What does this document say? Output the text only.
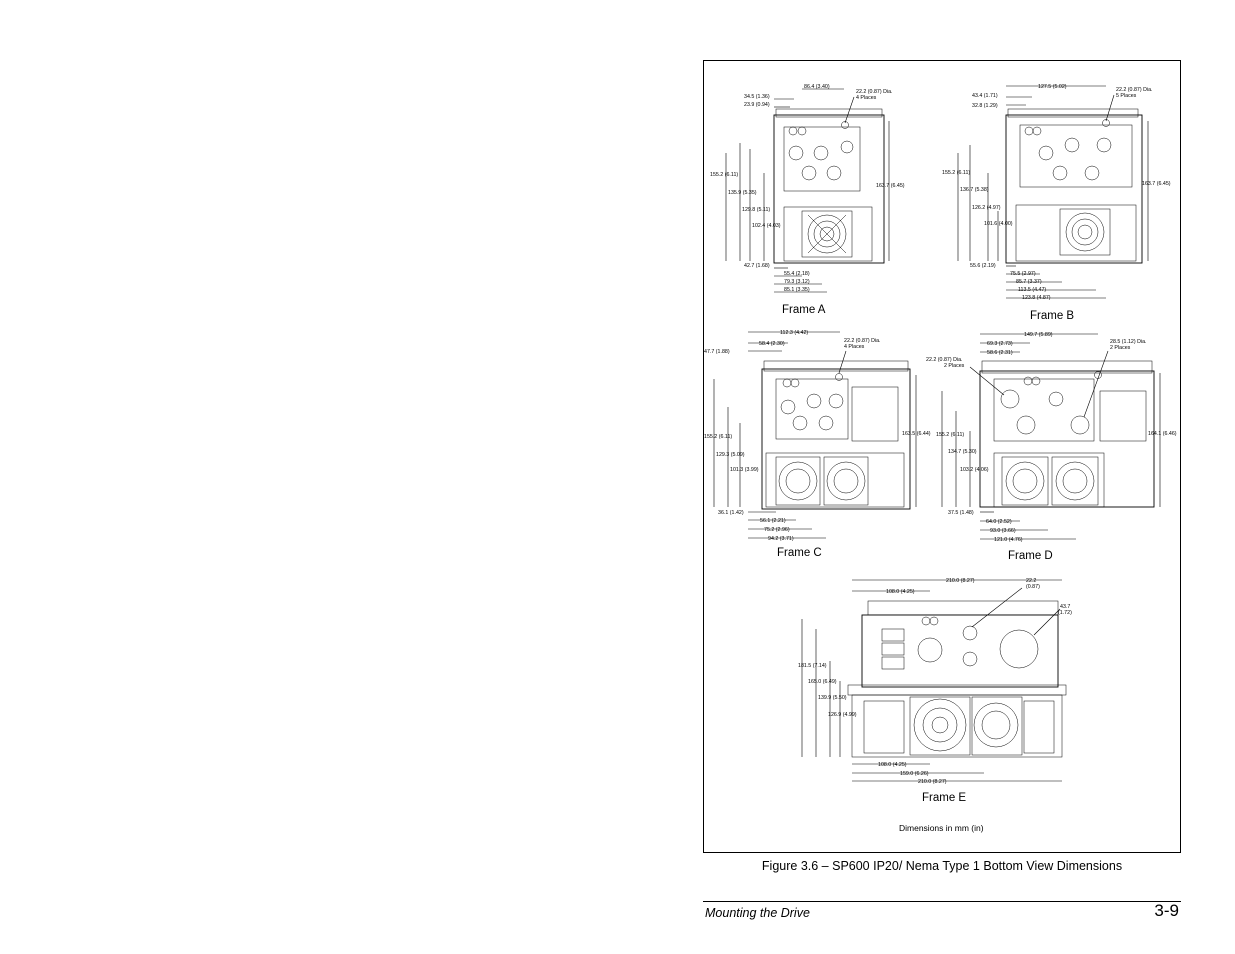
86.4 (3.40)
34.5 (1.36)
23.9 (0.94)
22.2 (0.87) Dia.
4 Places
155.2 (6.11)
135.9 (5.35)
129.8 (5.11)
102.4 (4.03)
163.7 (6.45)
42.7 (1.68)
55.4 (2.18)
79.3 (3.12)
85.1 (3.35)
Frame A
127.5 (5.02)
43.4 (1.71)
32.8 (1.29)
22.2 (0.87) Dia.
5 Places
155.2 (6.11)
136.7 (5.38)
126.2 (4.97)
101.6 (4.00)
163.7 (6.45)
55.6 (2.19)
75.5 (2.97)
85.7 (3.37)
113.5 (4.47)
123.8 (4.87)
Frame B
112.3 (4.42)
58.4 (2.30)
47.7 (1.88)
22.2 (0.87) Dia.
4 Places
155.2 (6.11)
129.3 (5.09)
101.3 (3.99)
163.5 (6.44)
36.1 (1.42)
56.1 (2.21)
75.2 (2.96)
94.2 (3.71)
Frame C
149.7 (5.89)
69.3 (2.73)
58.6 (2.31)
22.2 (0.87) Dia.
2 Places
28.5 (1.12) Dia.
2 Places
155.2 (6.11)
134.7 (5.30)
103.2 (4.06)
164.1 (6.46)
37.5 (1.48)
64.0 (2.52)
93.0 (3.66)
121.0 (4.76)
Frame D
210.0 (8.27)
108.0 (4.25)
22.2
(0.87)
43.7
(1.72)
181.5 (7.14)
165.0 (6.49)
139.9 (5.50)
126.9 (4.99)
108.0 (4.25)
159.0 (6.26)
210.0 (8.27)
Frame E
Dimensions in mm (in)
Figure 3.6 – SP600 IP20/ Nema Type 1 Bottom View Dimensions
Mounting the Drive	3-9
